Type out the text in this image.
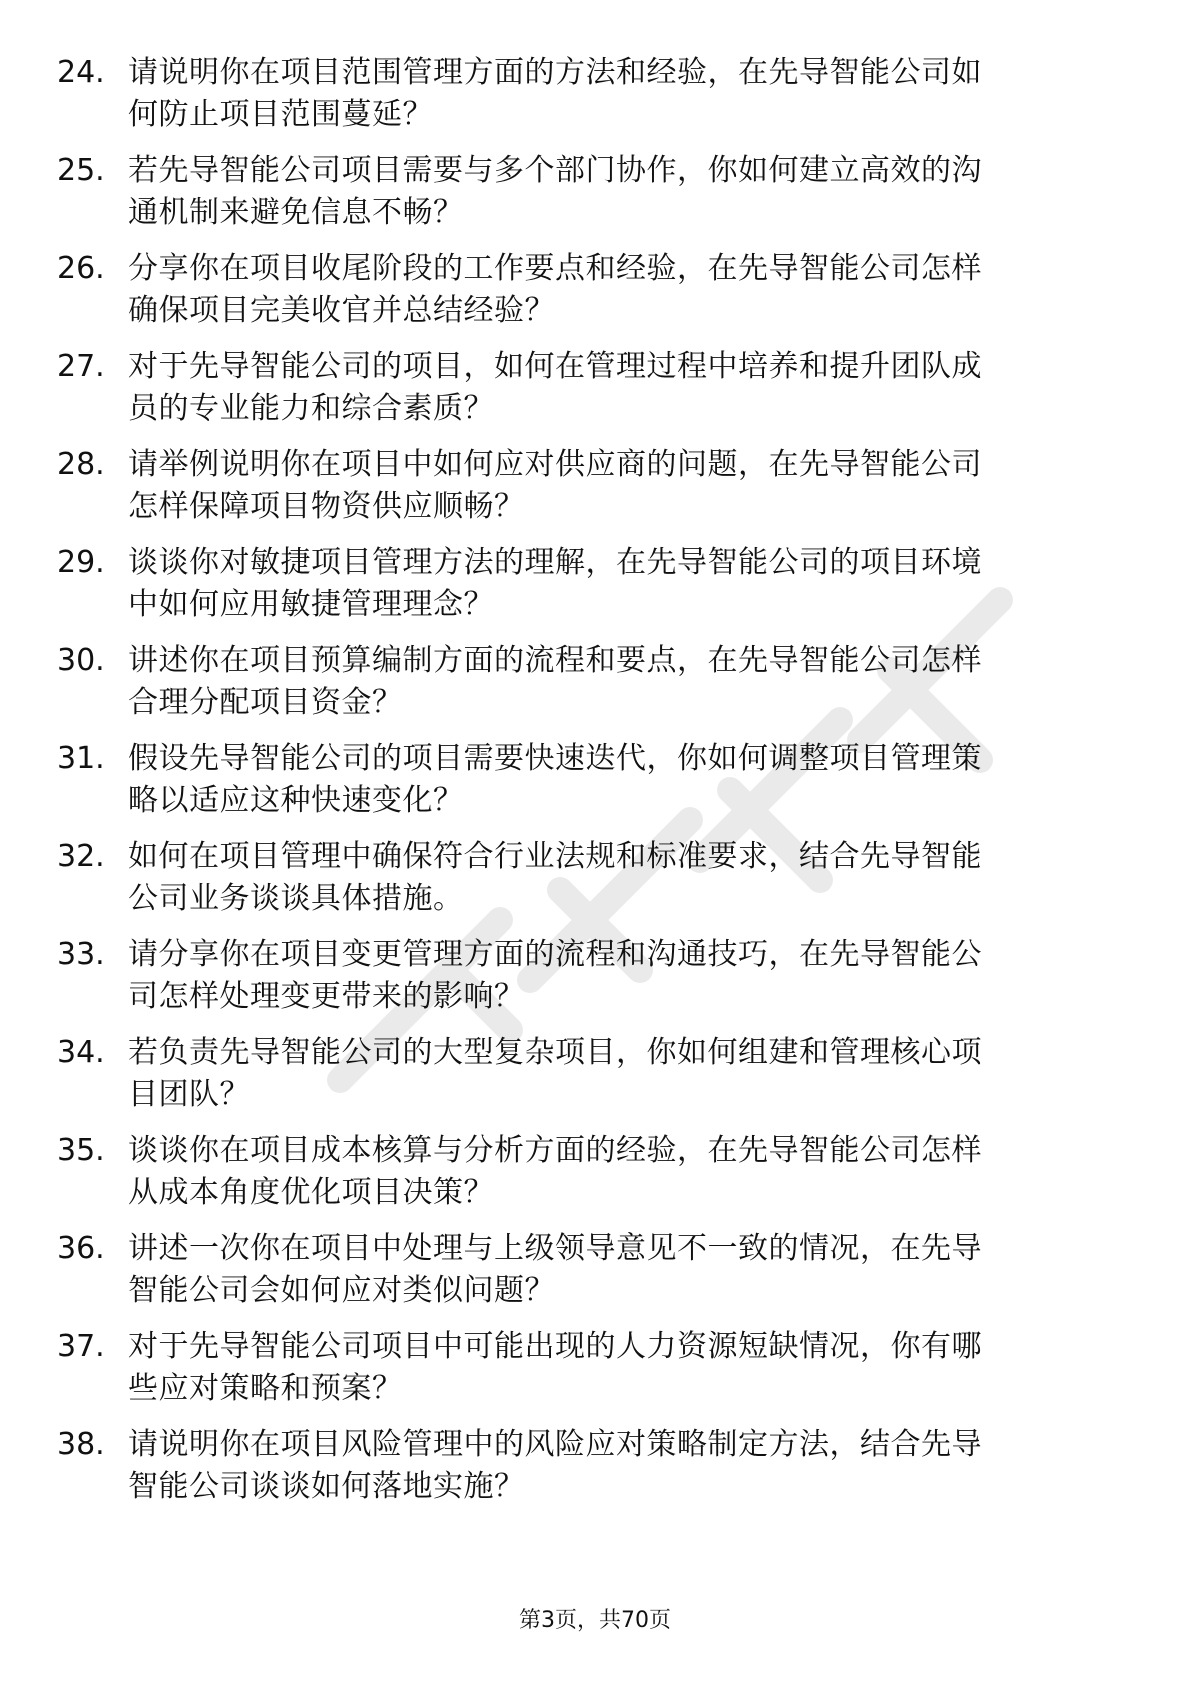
24. 请说明你在项目范围管理方面的方法和经验，在先导智能公司如
何防止项目范围蔓延？
25. 若先导智能公司项目需要与多个部门协作，你如何建立高效的沟
通机制来避免信息不畅？
26. 分享你在项目收尾阶段的工作要点和经验，在先导智能公司怎样
确保项目完美收官并总结经验？
27. 对于先导智能公司的项目，如何在管理过程中培养和提升团队成
员的专业能力和综合素质？
28. 请举例说明你在项目中如何应对供应商的问题，在先导智能公司
怎样保障项目物资供应顺畅？
29. 谈谈你对敏捷项目管理方法的理解，在先导智能公司的项目环境
中如何应用敏捷管理理念？
30. 讲述你在项目预算编制方面的流程和要点，在先导智能公司怎样
合理分配项目资金？
31. 假设先导智能公司的项目需要快速迭代，你如何调整项目管理策
略以适应这种快速变化？
32. 如何在项目管理中确保符合行业法规和标准要求，结合先导智能
公司业务谈谈具体措施。
33. 请分享你在项目变更管理方面的流程和沟通技巧，在先导智能公
司怎样处理变更带来的影响？
34. 若负责先导智能公司的大型复杂项目，你如何组建和管理核心项
目团队？
35. 谈谈你在项目成本核算与分析方面的经验，在先导智能公司怎样
从成本角度优化项目决策？
36. 讲述一次你在项目中处理与上级领导意见不一致的情况，在先导
智能公司会如何应对类似问题？
37. 对于先导智能公司项目中可能出现的人力资源短缺情况，你有哪
些应对策略和预案？
38. 请说明你在项目风险管理中的风险应对策略制定方法，结合先导
智能公司谈谈如何落地实施？
第3页，共70页
